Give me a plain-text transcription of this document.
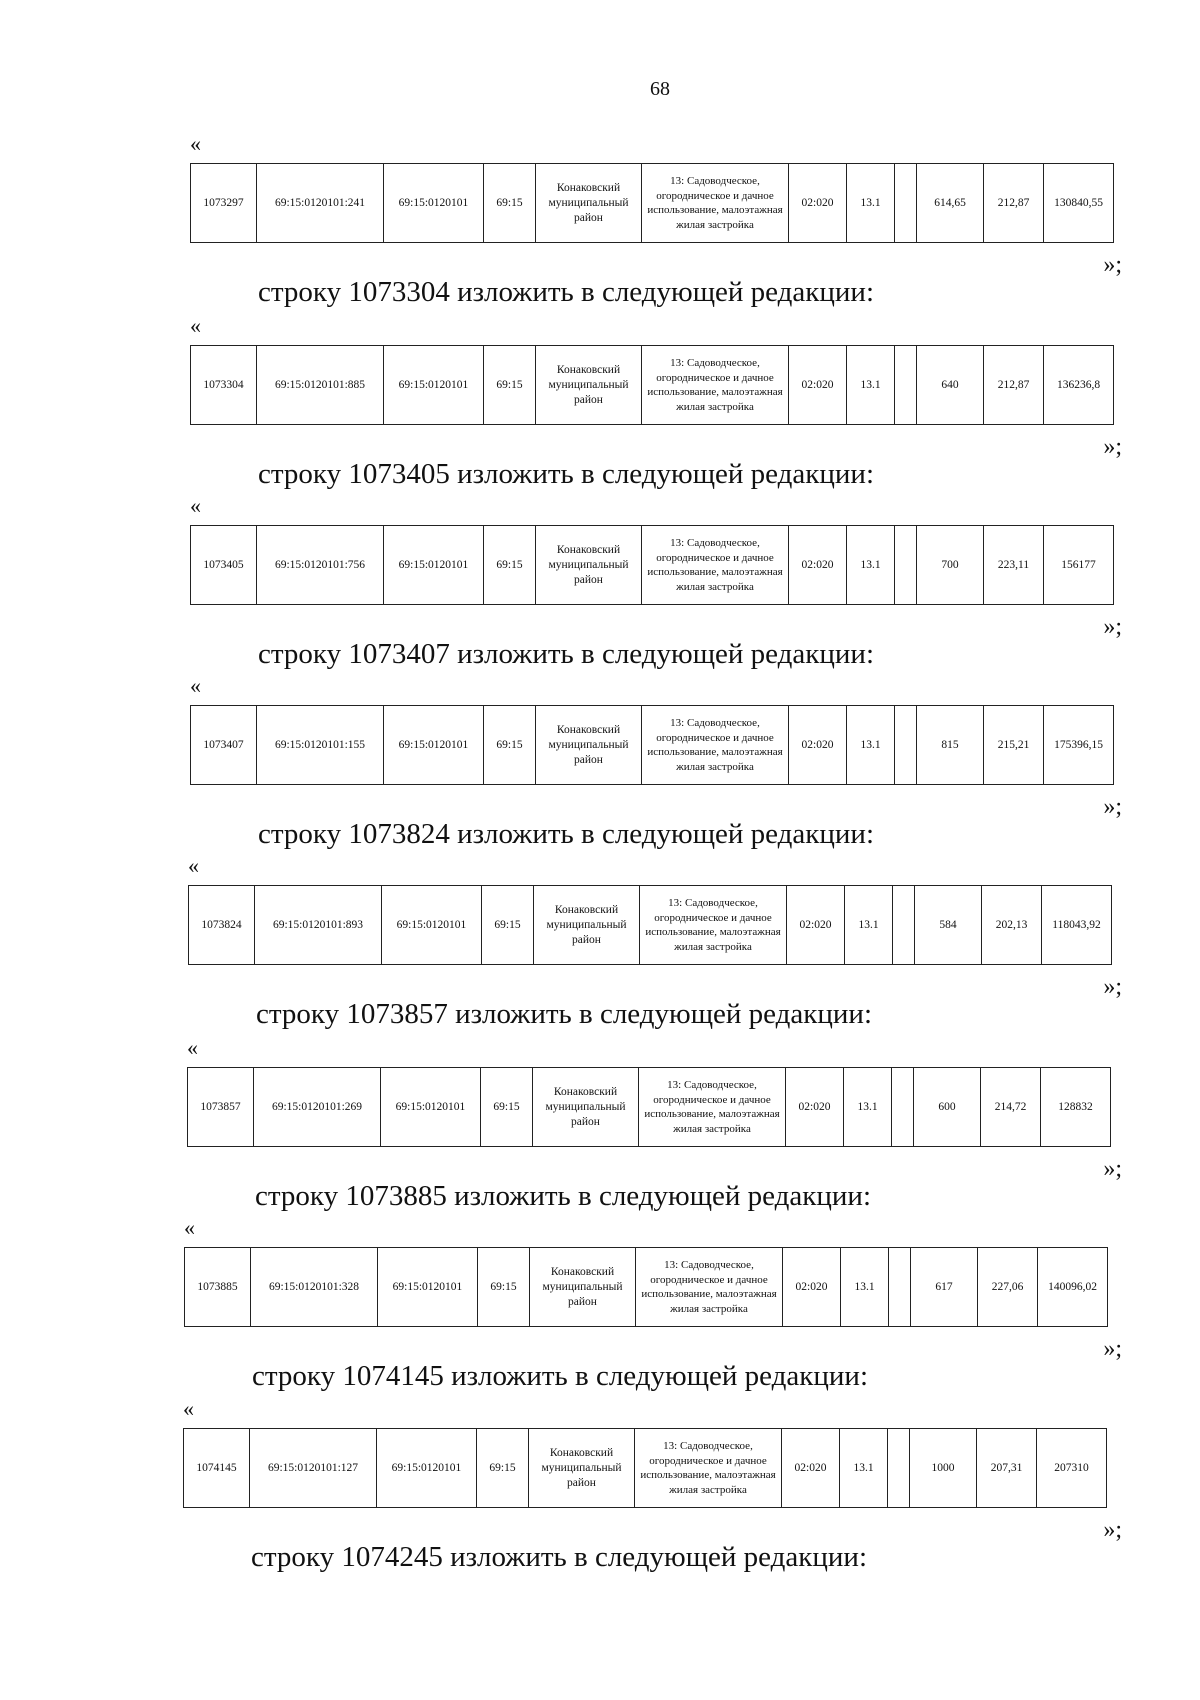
68
«
1073297	69:15:0120101:241	69:15:0120101	69:15	Конаковский муниципальный район	13: Садоводческое, огородническое и дачное использование, малоэтажная жилая застройка	02:020	13.1		614,65	212,87	130840,55
»;
строку 1073304 изложить в следующей редакции:
«
1073304	69:15:0120101:885	69:15:0120101	69:15	Конаковский муниципальный район	13: Садоводческое, огородническое и дачное использование, малоэтажная жилая застройка	02:020	13.1		640	212,87	136236,8
»;
строку 1073405 изложить в следующей редакции:
«
1073405	69:15:0120101:756	69:15:0120101	69:15	Конаковский муниципальный район	13: Садоводческое, огородническое и дачное использование, малоэтажная жилая застройка	02:020	13.1		700	223,11	156177
»;
строку 1073407 изложить в следующей редакции:
«
1073407	69:15:0120101:155	69:15:0120101	69:15	Конаковский муниципальный район	13: Садоводческое, огородническое и дачное использование, малоэтажная жилая застройка	02:020	13.1		815	215,21	175396,15
»;
строку 1073824 изложить в следующей редакции:
«
1073824	69:15:0120101:893	69:15:0120101	69:15	Конаковский муниципальный район	13: Садоводческое, огородническое и дачное использование, малоэтажная жилая застройка	02:020	13.1		584	202,13	118043,92
»;
строку 1073857 изложить в следующей редакции:
«
1073857	69:15:0120101:269	69:15:0120101	69:15	Конаковский муниципальный район	13: Садоводческое, огородническое и дачное использование, малоэтажная жилая застройка	02:020	13.1		600	214,72	128832
»;
строку 1073885 изложить в следующей редакции:
«
1073885	69:15:0120101:328	69:15:0120101	69:15	Конаковский муниципальный район	13: Садоводческое, огородническое и дачное использование, малоэтажная жилая застройка	02:020	13.1		617	227,06	140096,02
»;
строку 1074145 изложить в следующей редакции:
«
1074145	69:15:0120101:127	69:15:0120101	69:15	Конаковский муниципальный район	13: Садоводческое, огородническое и дачное использование, малоэтажная жилая застройка	02:020	13.1		1000	207,31	207310
»;
строку 1074245 изложить в следующей редакции:
